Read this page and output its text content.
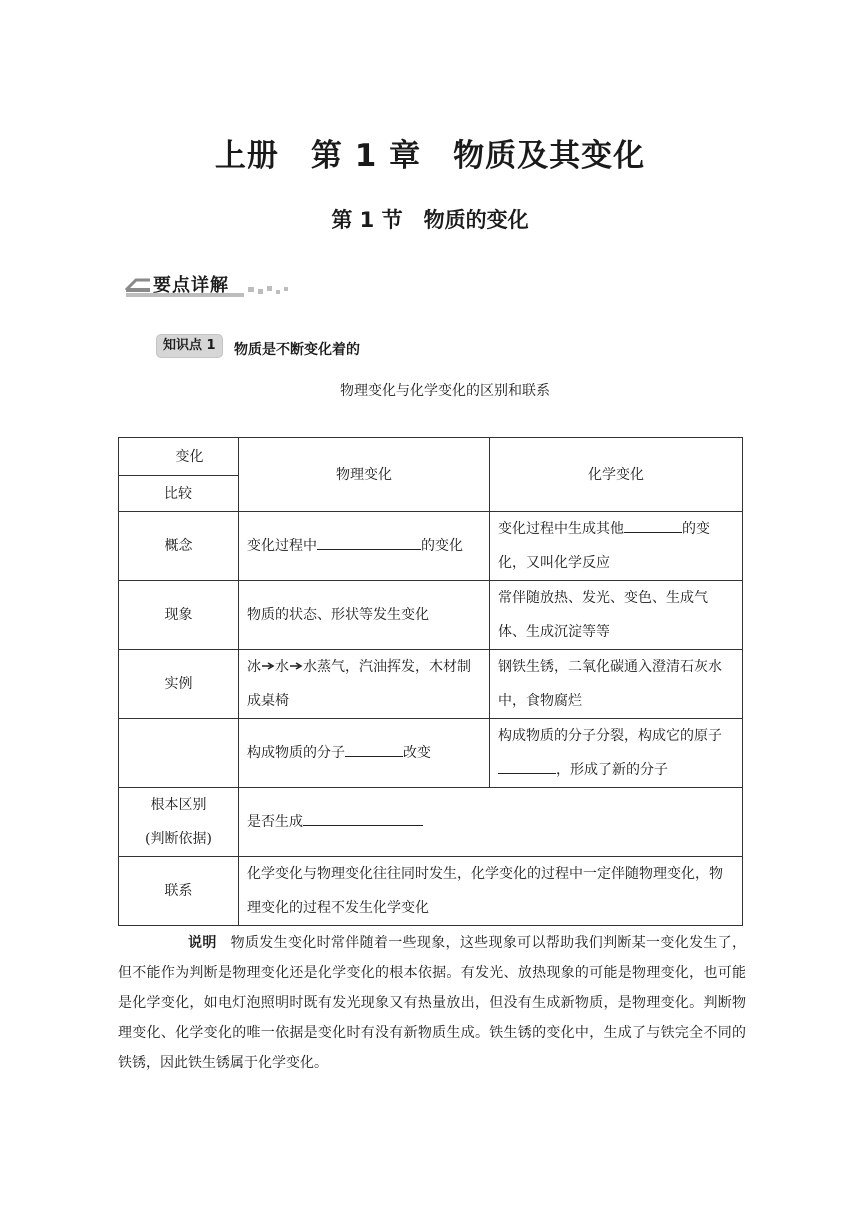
上册　第 1 章　物质及其变化
第 1 节　物质的变化
要点详解
知识点 1	物质是不断变化着的
物理变化与化学变化的区别和联系
变化	物理变化	化学变化
比较		
概念	变化过程中 的变化	变化过程中生成其他 的变化，又叫化学反应
现象	物质的状态、形状等发生变化	常伴随放热、发光、变色、生成气体、生成沉淀等等
实例	冰 水 水蒸气，汽油挥发，木材制成桌椅	钢铁生锈，二氧化碳通入澄清石灰水中，食物腐烂
	构成物质的分子 改变	构成物质的分子分裂，构成它的原子，形成了新的分子
根本区别
(判断依据)	是否生成	
联系	化学变化与物理变化往往同时发生，化学变化的过程中一定伴随物理变化，物理变化的过程不发生化学变化	
说明 物质发生变化时常伴随着一些现象，这些现象可以帮助我们判断某一变化发生了，但不能作为判断是物理变化还是化学变化的根本依据。有发光、放热现象的可能是物理变化，也可能是化学变化，如电灯泡照明时既有发光现象又有热量放出，但没有生成新物质，是物理变化。判断物理变化、化学变化的唯一依据是变化时有没有新物质生成。铁生锈的变化中，生成了与铁完全不同的铁锈，因此铁生锈属于化学变化。
